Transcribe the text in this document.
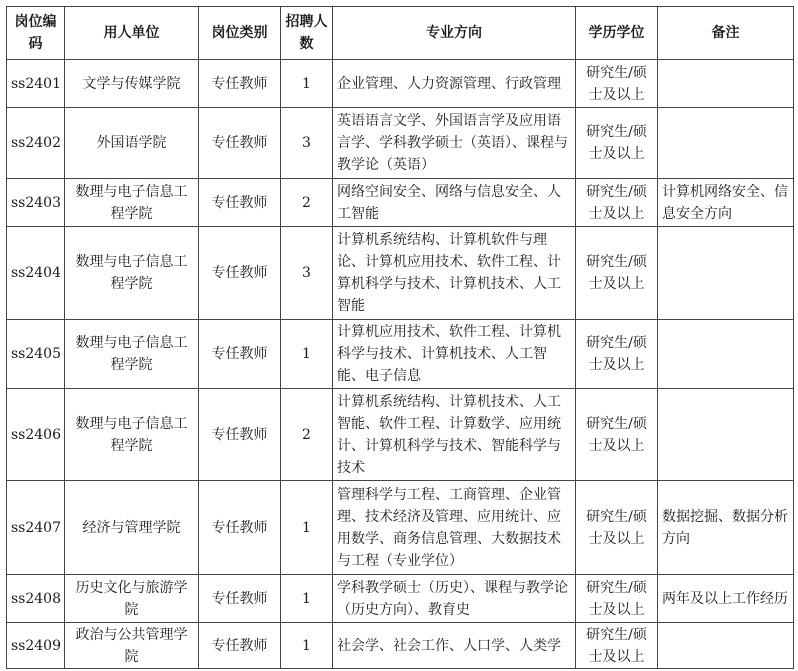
岗位编码	用人单位	岗位类别	招聘人数	专业方向	学历学位	备注
ss2401	文学与传媒学院	专任教师	1	企业管理、人力资源管理、行政管理	研究生/硕士及以上	
ss2402	外国语学院	专任教师	3	英语语言文学、外国语言学及应用语言学、学科教学硕士（英语）、课程与教学论（英语）	研究生/硕士及以上	
ss2403	数理与电子信息工程学院	专任教师	2	网络空间安全、网络与信息安全、人工智能	研究生/硕士及以上	计算机网络安全、信息安全方向
ss2404	数理与电子信息工程学院	专任教师	3	计算机系统结构、计算机软件与理论、计算机应用技术、软件工程、计算机科学与技术、计算机技术、人工智能	研究生/硕士及以上	
ss2405	数理与电子信息工程学院	专任教师	1	计算机应用技术、软件工程、计算机科学与技术、计算机技术、人工智能、电子信息	研究生/硕士及以上	
ss2406	数理与电子信息工程学院	专任教师	2	计算机系统结构、计算机技术、人工智能、软件工程、计算数学、应用统计、计算机科学与技术、智能科学与技术	研究生/硕士及以上	
ss2407	经济与管理学院	专任教师	1	管理科学与工程、工商管理、企业管理、技术经济及管理、应用统计、应用数学、商务信息管理、大数据技术与工程（专业学位）	研究生/硕士及以上	数据挖掘、数据分析方向
ss2408	历史文化与旅游学院	专任教师	1	学科教学硕士（历史）、课程与教学论（历史方向）、教育史	研究生/硕士及以上	两年及以上工作经历
ss2409	政治与公共管理学院	专任教师	1	社会学、社会工作、人口学、人类学	研究生/硕士及以上	
